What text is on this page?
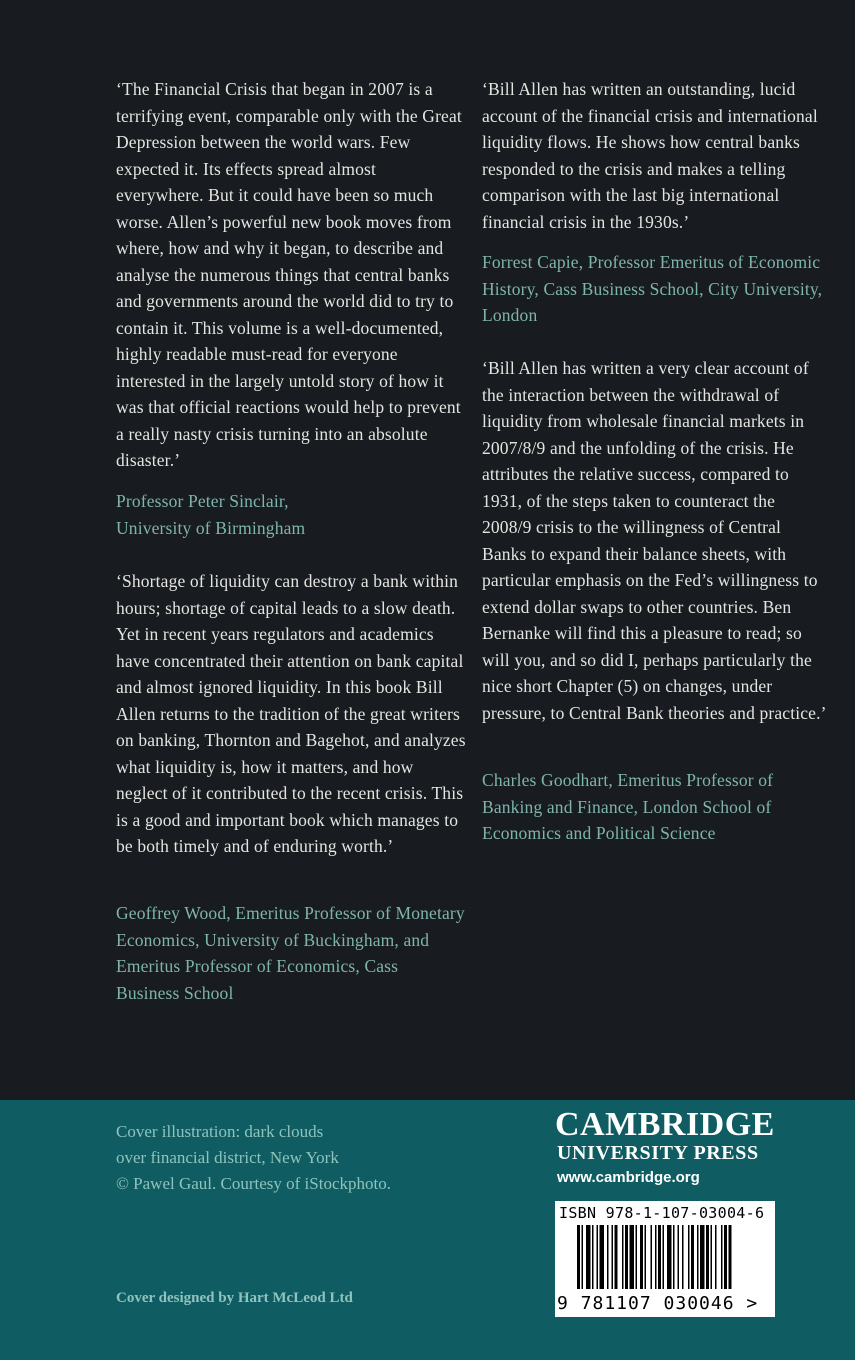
‘The Financial Crisis that began in 2007 is a terrifying event, comparable only with the Great Depression between the world wars. Few expected it. Its effects spread almost everywhere. But it could have been so much worse. Allen’s powerful new book moves from where, how and why it began, to describe and analyse the numerous things that central banks and governments around the world did to try to contain it. This volume is a well-documented, highly readable must-read for everyone interested in the largely untold story of how it was that official reactions would help to prevent a really nasty crisis turning into an absolute disaster.’

Professor Peter Sinclair,
University of Birmingham

‘Shortage of liquidity can destroy a bank within hours; shortage of capital leads to a slow death. Yet in recent years regulators and academics have concentrated their attention on bank capital and almost ignored liquidity. In this book Bill Allen returns to the tradition of the great writers on banking, Thornton and Bagehot, and analyzes what liquidity is, how it matters, and how neglect of it contributed to the recent crisis. This is a good and important book which manages to be both timely and of enduring worth.’

Geoffrey Wood, Emeritus Professor of Monetary Economics, University of Buckingham, and Emeritus Professor of Economics, Cass Business School

‘Bill Allen has written an outstanding, lucid account of the financial crisis and international liquidity flows. He shows how central banks responded to the crisis and makes a telling comparison with the last big international financial crisis in the 1930s.’

Forrest Capie, Professor Emeritus of Economic History, Cass Business School, City University, London

‘Bill Allen has written a very clear account of the interaction between the withdrawal of liquidity from wholesale financial markets in 2007/8/9 and the unfolding of the crisis. He attributes the relative success, compared to 1931, of the steps taken to counteract the 2008/9 crisis to the willingness of Central Banks to expand their balance sheets, with particular emphasis on the Fed’s willingness to extend dollar swaps to other countries. Ben Bernanke will find this a pleasure to read; so will you, and so did I, perhaps particularly the nice short Chapter (5) on changes, under pressure, to Central Bank theories and practice.’

Charles Goodhart, Emeritus Professor of Banking and Finance, London School of Economics and Political Science

Cover illustration: dark clouds
over financial district, New York
© Pawel Gaul. Courtesy of iStockphoto.
Cover designed by Hart McLeod Ltd
CAMBRIDGE
UNIVERSITY PRESS
www.cambridge.org
ISBN 978-1-107-03004-6
9 781107 030046 >
